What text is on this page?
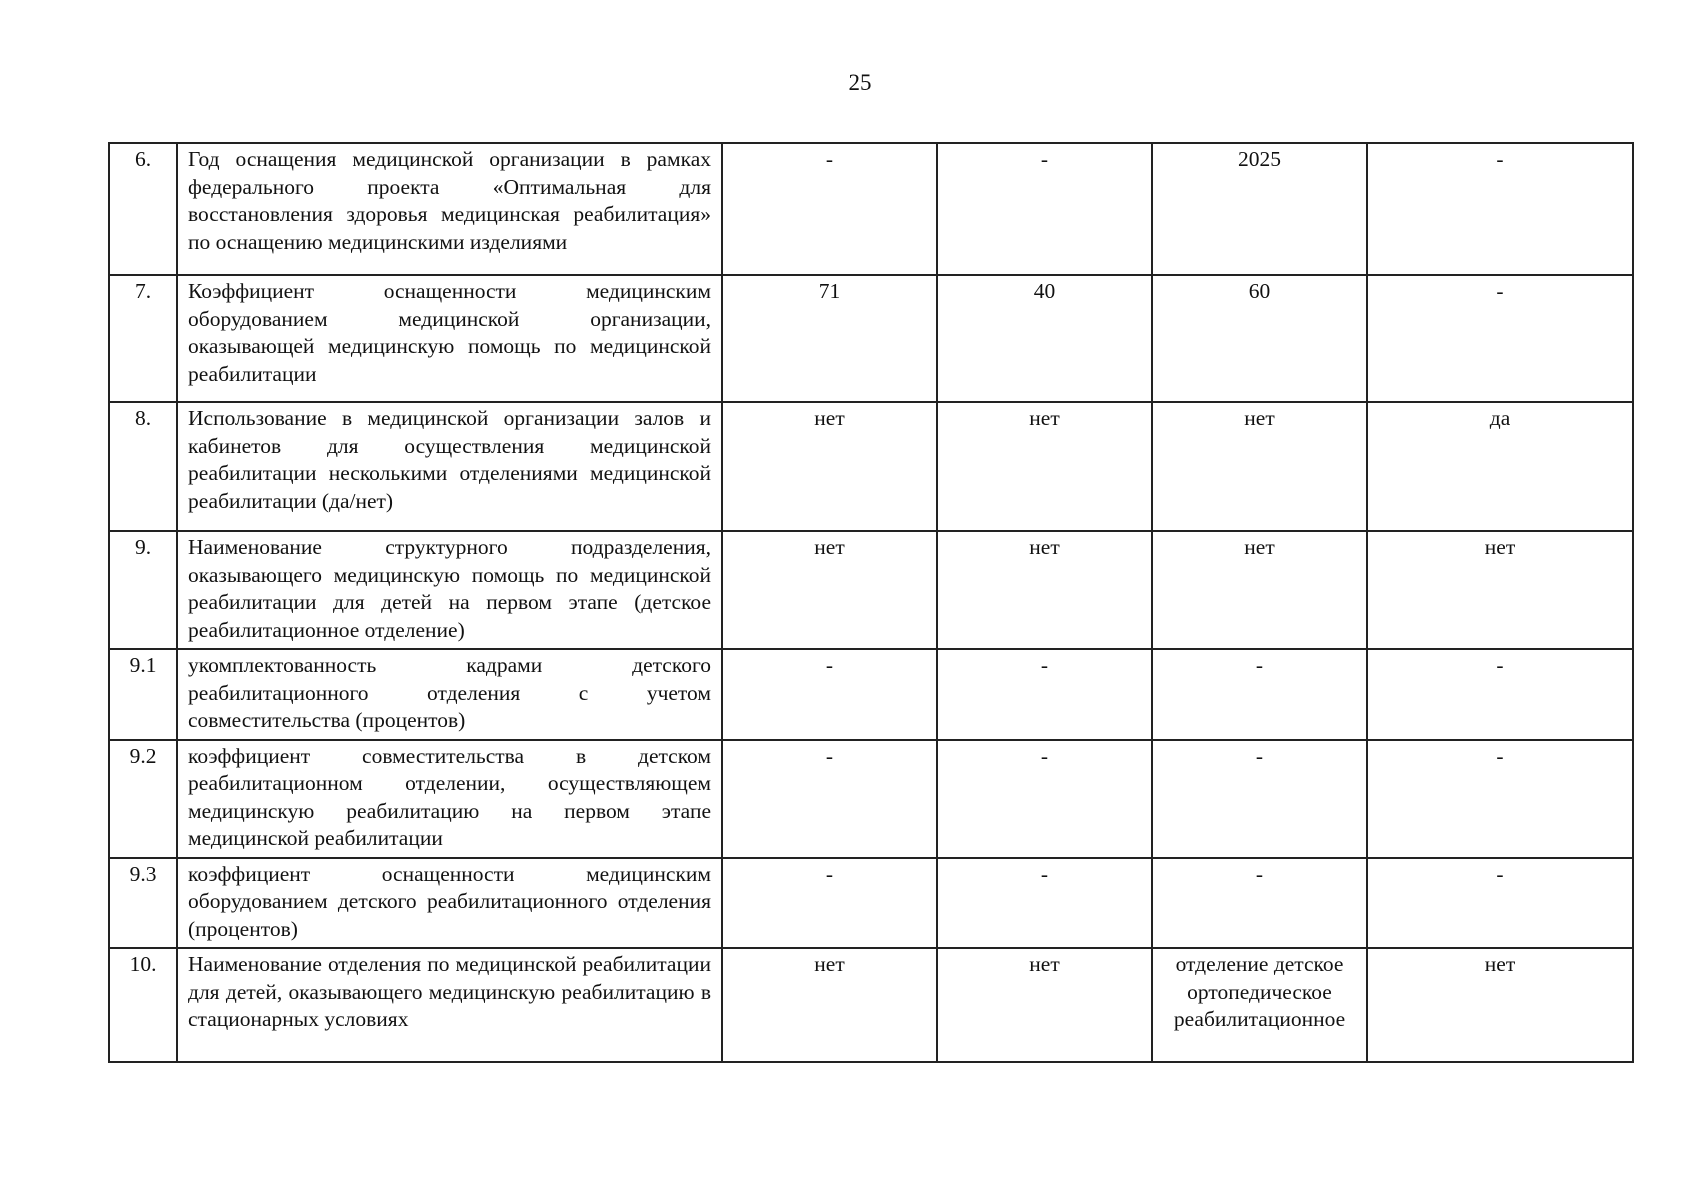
25
6.	Год оснащения медицинской организации в рамках федерального проекта «Оптимальная для восстановления здоровья медицинская реабилитация» по оснащению медицинскими изделиями	-	-	2025	-
7.	Коэффициент оснащенности медицинским оборудованием медицинской организации, оказывающей медицинскую помощь по медицинской реабилитации	71	40	60	-
8.	Использование в медицинской организации залов и кабинетов для осуществления медицинской реабилитации несколькими отделениями медицинской реабилитации (да/нет)	нет	нет	нет	да
9.	Наименование структурного подразделения, оказывающего медицинскую помощь по медицинской реабилитации для детей на первом этапе (детское реабилитационное отделение)	нет	нет	нет	нет
9.1	укомплектованность кадрами детского реабилитационного отделения с учетом совместительства (процентов)	-	-	-	-
9.2	коэффициент совместительства в детском реабилитационном отделении, осуществляющем медицинскую реабилитацию на первом этапе медицинской реабилитации	-	-	-	-
9.3	коэффициент оснащенности медицинским оборудованием детского реабилитационного отделения (процентов)	-	-	-	-
10.	Наименование отделения по медицинской реабилитации для детей, оказывающего медицинскую реабилитацию в стационарных условиях	нет	нет	отделение детское ортопедическое реабилитационное	нет
